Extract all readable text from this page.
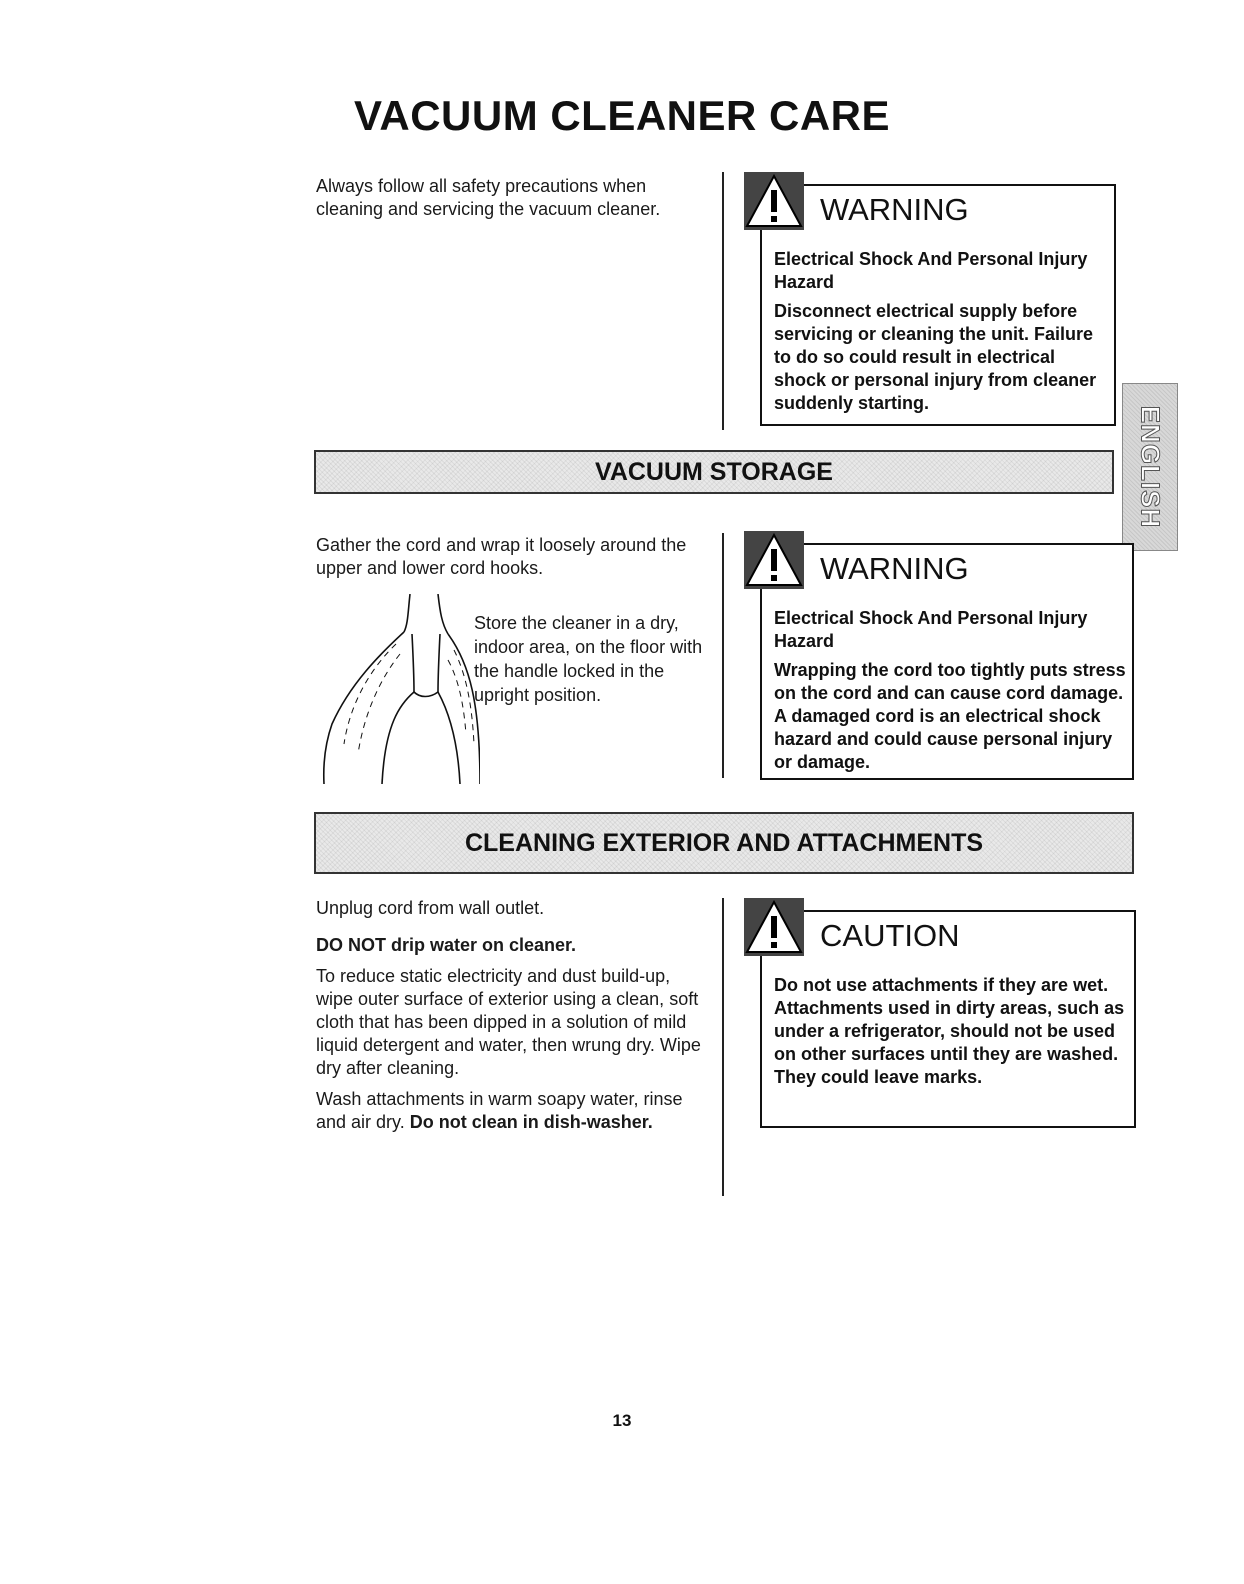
VACUUM CLEANER CARE
Always follow all safety precautions when cleaning and servicing the vacuum cleaner.	WARNING

Electrical Shock And Personal Injury Hazard

Disconnect electrical supply before servicing or cleaning the unit. Failure to do so could result in electrical shock or personal injury from cleaner suddenly starting.

ENGLISH
VACUUM STORAGE
Gather the cord and wrap it loosely around the upper and lower cord hooks.
Store the cleaner in a dry, indoor area, on the floor with the handle locked in the upright position.
WARNING

Electrical Shock And Personal Injury Hazard

Wrapping the cord too tightly puts stress on the cord and can cause cord damage. A damaged cord is an electrical shock hazard and could cause personal injury or damage.

CLEANING EXTERIOR AND ATTACHMENTS
Unplug cord from wall outlet.
DO NOT drip water on cleaner.
To reduce static electricity and dust build-up, wipe outer surface of exterior using a clean, soft cloth that has been dipped in a solution of mild liquid detergent and water, then wrung dry. Wipe dry after cleaning.
Wash attachments in warm soapy water, rinse and air dry. Do not clean in dish-washer.
CAUTION

Do not use attachments if they are wet. Attachments used in dirty areas, such as under a refrigerator, should not be used on other surfaces until they are washed. They could leave marks.

13
